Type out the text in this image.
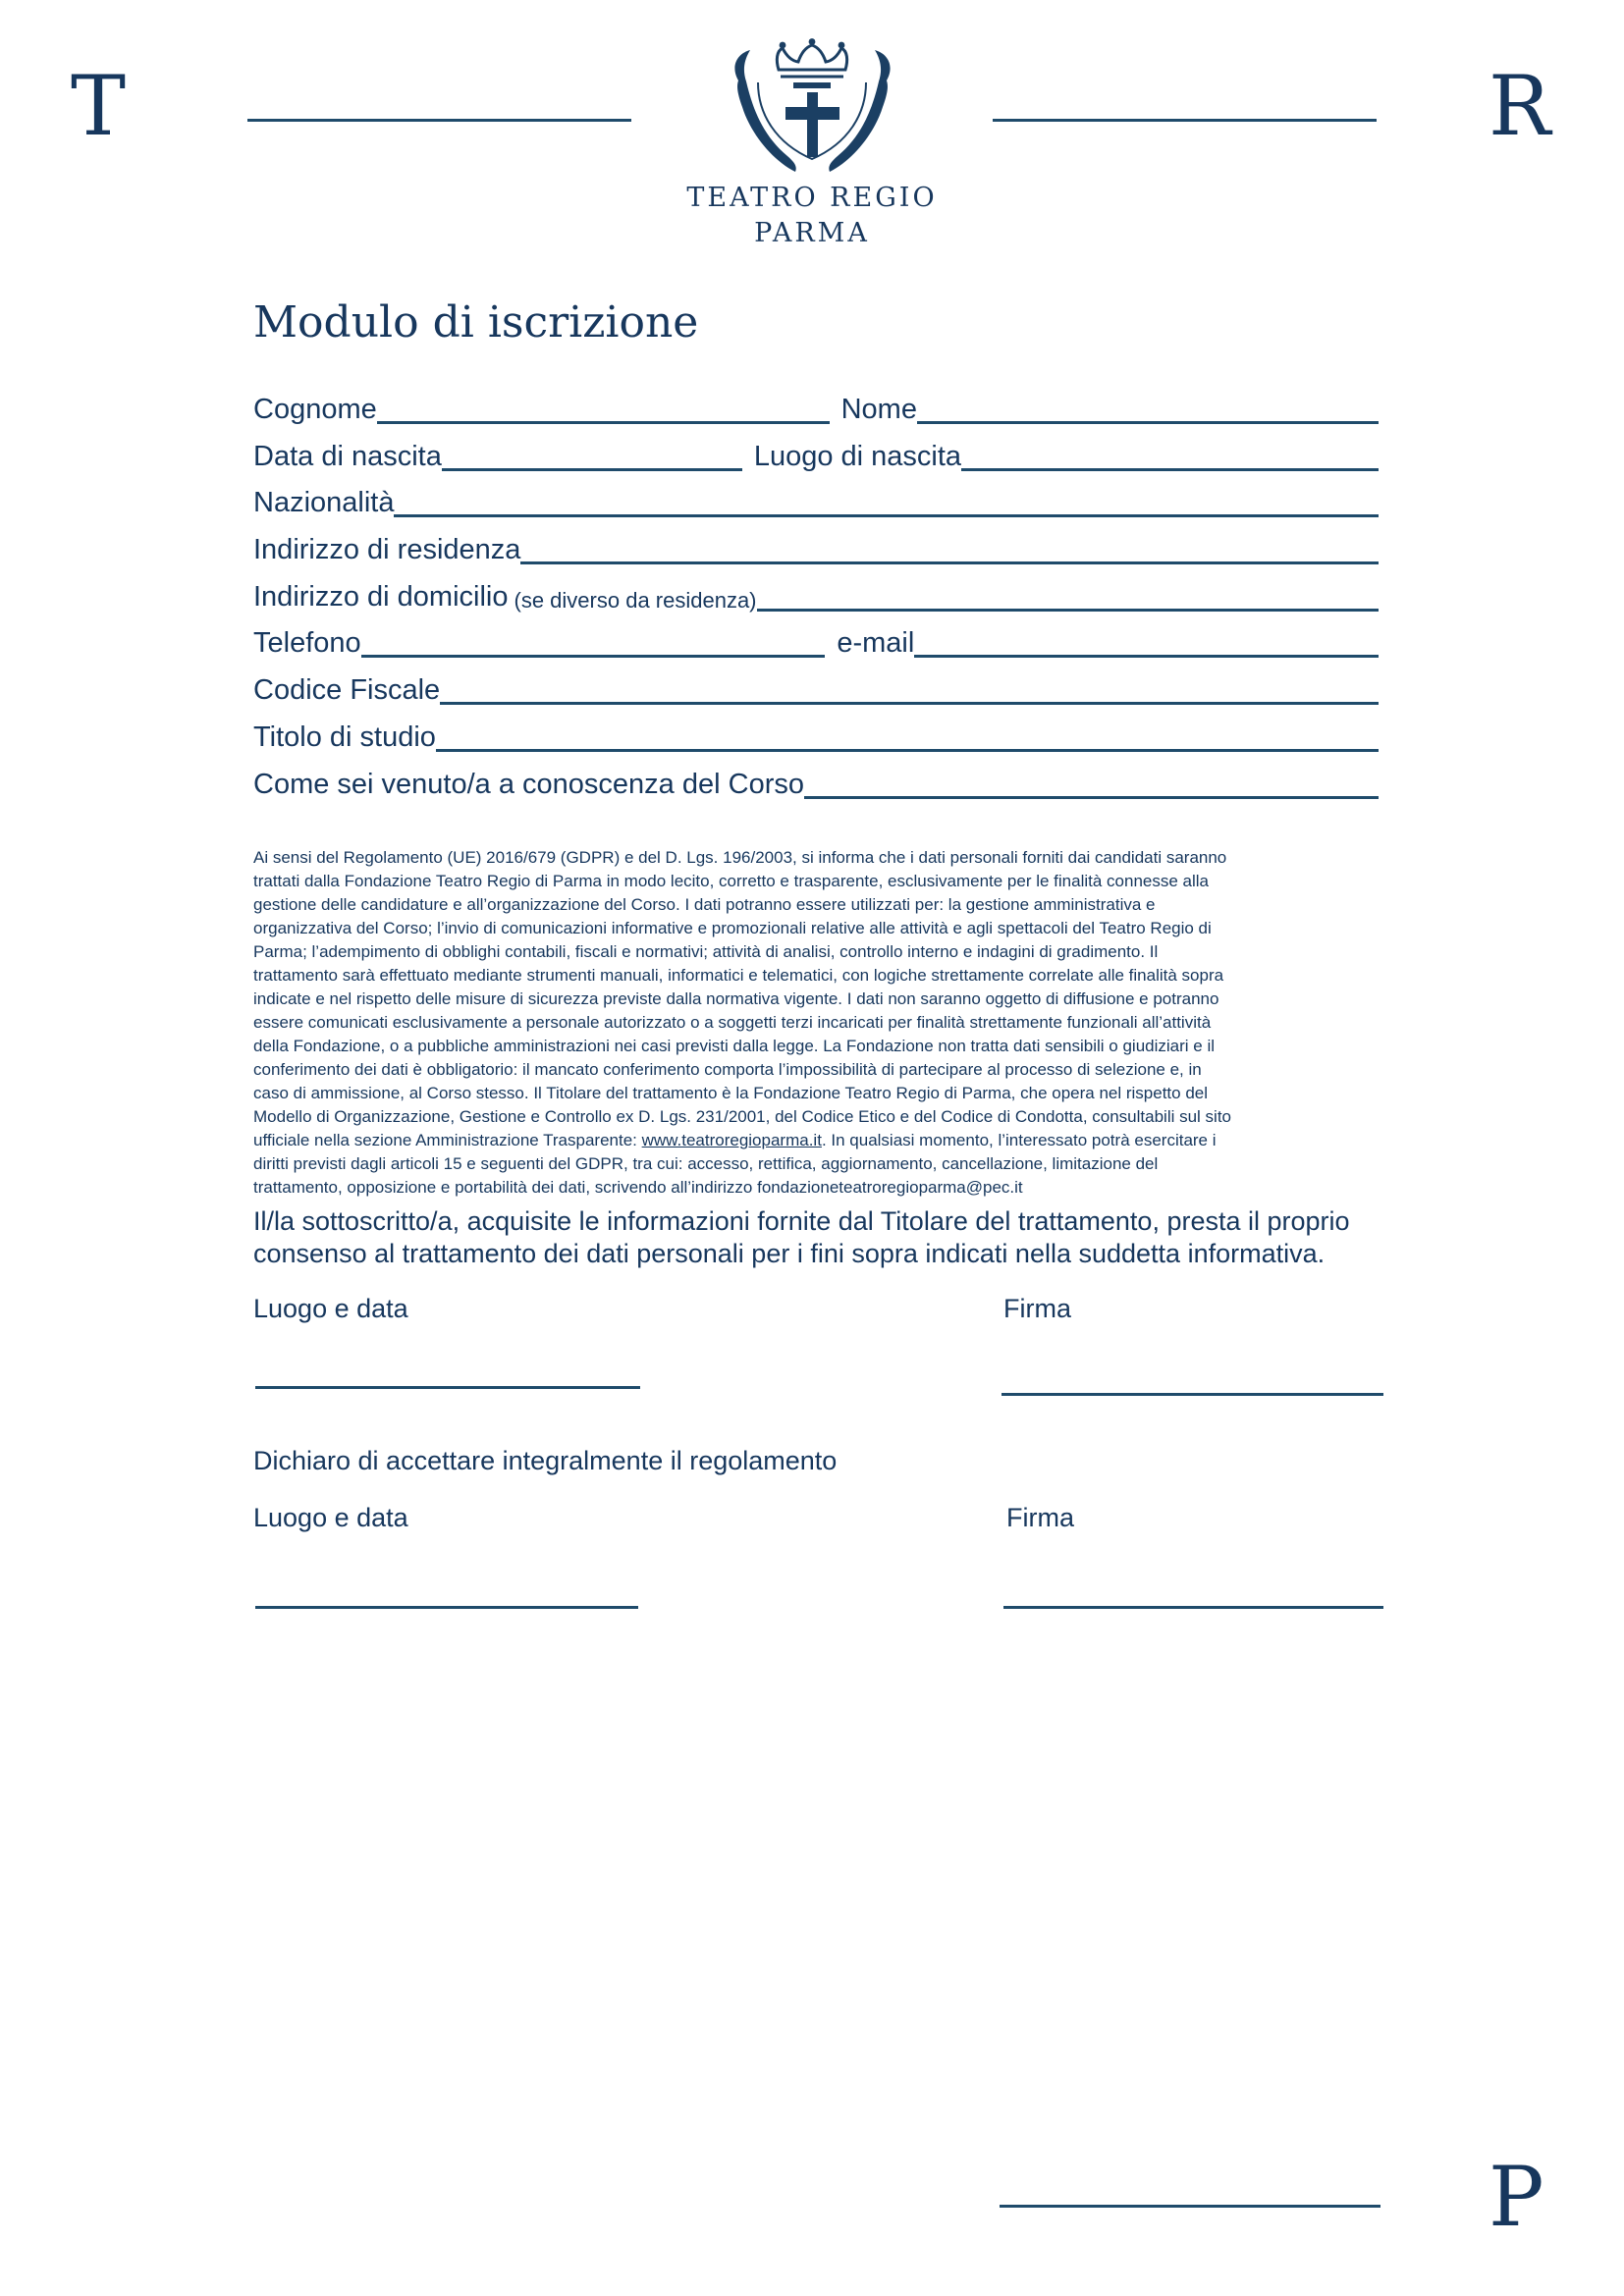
T	R
TEATRO REGIO
PARMA
Modulo di iscrizione
Cognome	Nome
Data di nascita	Luogo di nascita
Nazionalità
Indirizzo di residenza
Indirizzo di domicilio (se diverso da residenza)
Telefono	e-mail
Codice Fiscale
Titolo di studio
Come sei venuto/a a conoscenza del Corso
Ai sensi del Regolamento (UE) 2016/679 (GDPR) e del D. Lgs. 196/2003, si informa che i dati personali forniti dai candidati saranno
trattati dalla Fondazione Teatro Regio di Parma in modo lecito, corretto e trasparente, esclusivamente per le finalità connesse alla
gestione delle candidature e all’organizzazione del Corso. I dati potranno essere utilizzati per: la gestione amministrativa e
organizzativa del Corso; l’invio di comunicazioni informative e promozionali relative alle attività e agli spettacoli del Teatro Regio di
Parma; l’adempimento di obblighi contabili, fiscali e normativi; attività di analisi, controllo interno e indagini di gradimento. Il
trattamento sarà effettuato mediante strumenti manuali, informatici e telematici, con logiche strettamente correlate alle finalità sopra
indicate e nel rispetto delle misure di sicurezza previste dalla normativa vigente. I dati non saranno oggetto di diffusione e potranno
essere comunicati esclusivamente a personale autorizzato o a soggetti terzi incaricati per finalità strettamente funzionali all’attività
della Fondazione, o a pubbliche amministrazioni nei casi previsti dalla legge. La Fondazione non tratta dati sensibili o giudiziari e il
conferimento dei dati è obbligatorio: il mancato conferimento comporta l’impossibilità di partecipare al processo di selezione e, in
caso di ammissione, al Corso stesso. Il Titolare del trattamento è la Fondazione Teatro Regio di Parma, che opera nel rispetto del
Modello di Organizzazione, Gestione e Controllo ex D. Lgs. 231/2001, del Codice Etico e del Codice di Condotta, consultabili sul sito
ufficiale nella sezione Amministrazione Trasparente: www.teatroregioparma.it. In qualsiasi momento, l’interessato potrà esercitare i
diritti previsti dagli articoli 15 e seguenti del GDPR, tra cui: accesso, rettifica, aggiornamento, cancellazione, limitazione del
trattamento, opposizione e portabilità dei dati, scrivendo all’indirizzo fondazioneteatroregioparma@pec.it
Il/la sottoscritto/a, acquisite le informazioni fornite dal Titolare del trattamento, presta il proprio
consenso al trattamento dei dati personali per i fini sopra indicati nella suddetta informativa.
Luogo e data	Firma
Dichiaro di accettare integralmente il regolamento
Luogo e data	Firma
P
